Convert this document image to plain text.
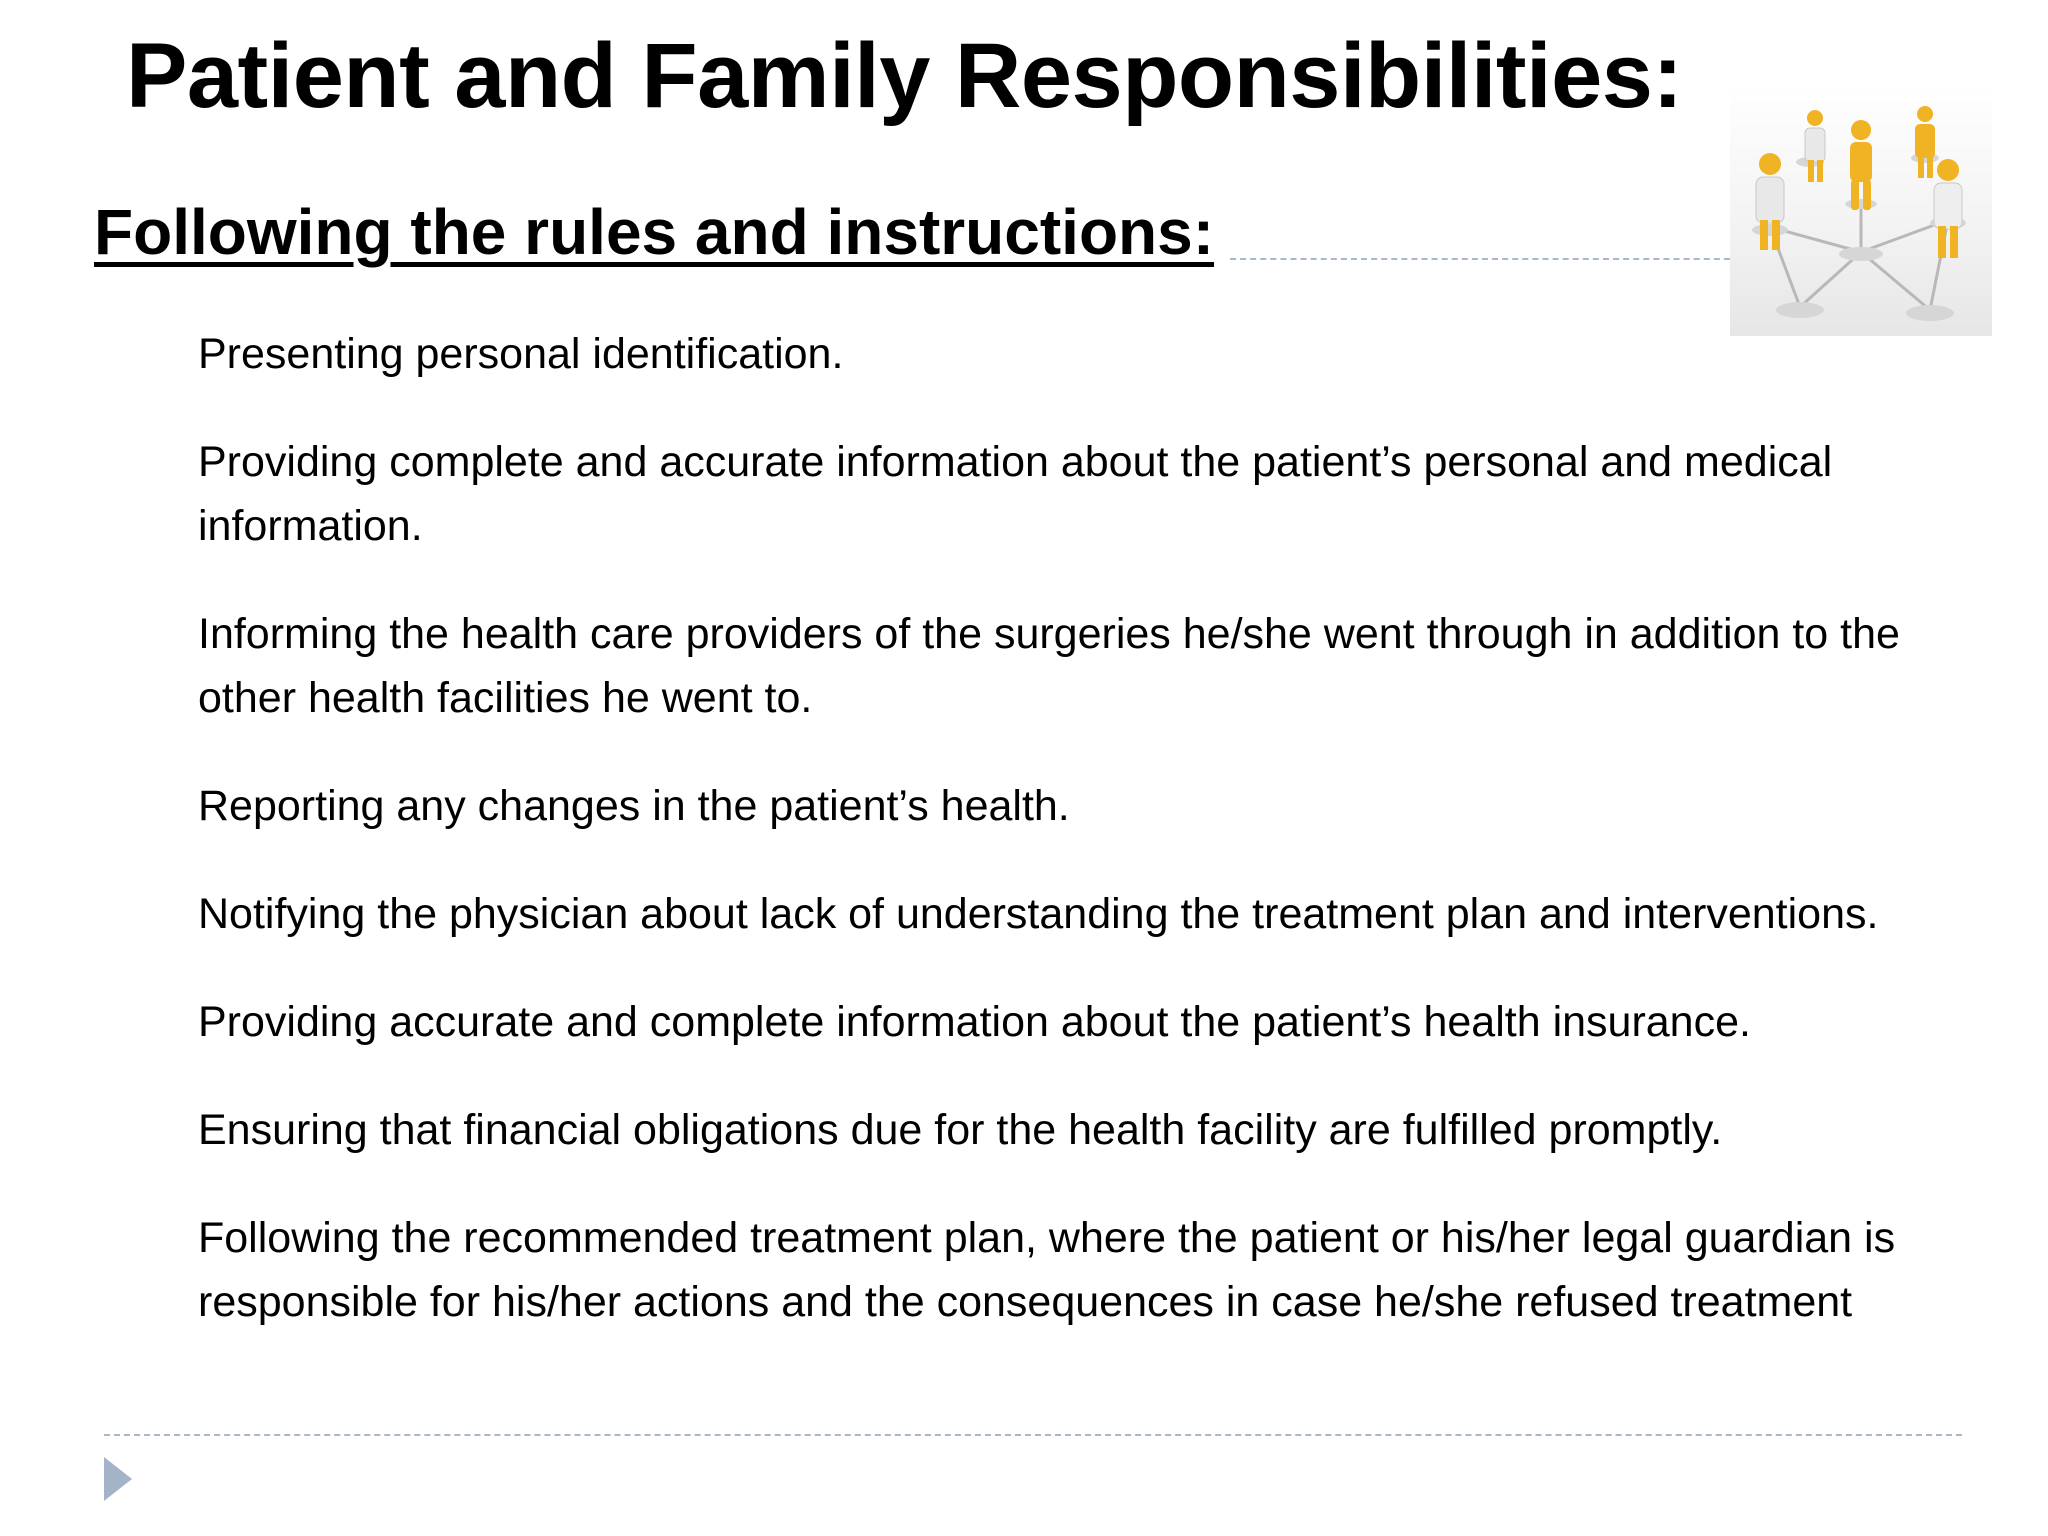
Patient and Family Responsibilities:
Following the rules and instructions:
Presenting personal identification.
Providing complete and accurate information about the patient’s personal and medical information.
Informing the health care providers of the surgeries he/she went through in addition to the other health facilities he went to.
Reporting any changes in the patient’s health.
Notifying the physician about lack of understanding the treatment plan and interventions.
Providing accurate and complete information about the patient’s health insurance.
Ensuring that financial obligations due for the health facility are fulfilled promptly.
Following the recommended treatment plan, where the patient or his/her legal guardian is responsible for his/her actions and the consequences in case he/she refused treatment
